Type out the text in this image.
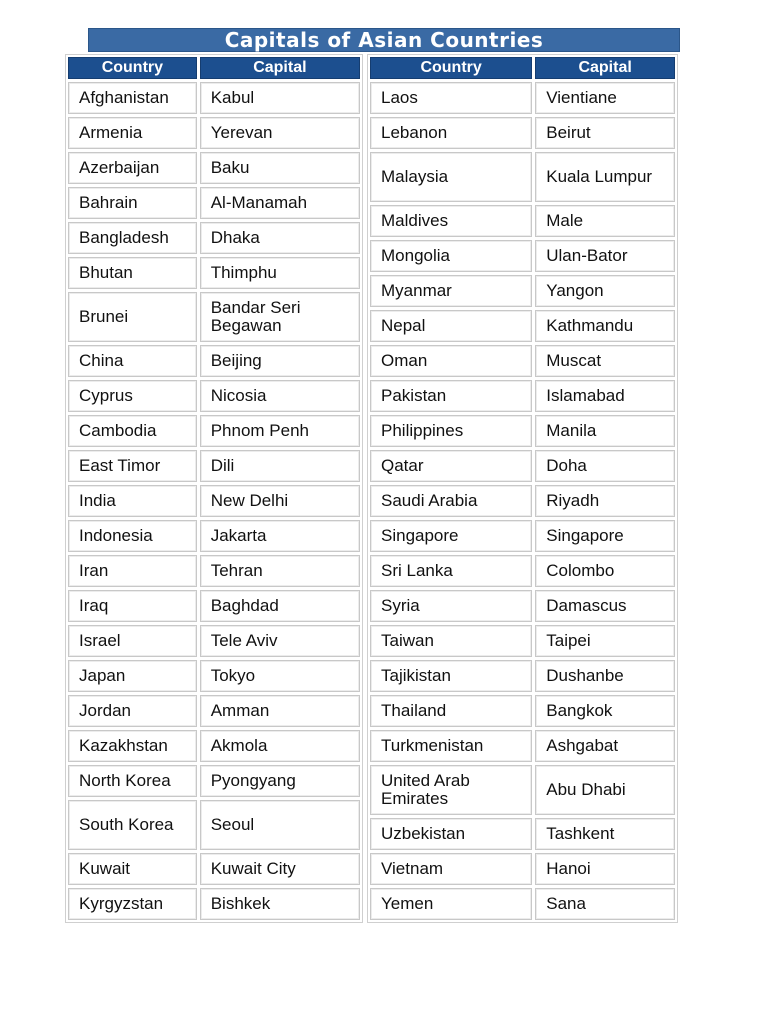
Capitals of Asian Countries
Country	Capital
Afghanistan	Kabul
Armenia	Yerevan
Azerbaijan	Baku
Bahrain	Al-Manamah
Bangladesh	Dhaka
Bhutan	Thimphu
Brunei	Bandar Seri Begawan
China	Beijing
Cyprus	Nicosia
Cambodia	Phnom Penh
East Timor	Dili
India	New Delhi
Indonesia	Jakarta
Iran	Tehran
Iraq	Baghdad
Israel	Tele Aviv
Japan	Tokyo
Jordan	Amman
Kazakhstan	Akmola
North Korea	Pyongyang
South Korea	Seoul
Kuwait	Kuwait City
Kyrgyzstan	Bishkek
Country	Capital
Laos	Vientiane
Lebanon	Beirut
Malaysia	Kuala Lumpur
Maldives	Male
Mongolia	Ulan-Bator
Myanmar	Yangon
Nepal	Kathmandu
Oman	Muscat
Pakistan	Islamabad
Philippines	Manila
Qatar	Doha
Saudi Arabia	Riyadh
Singapore	Singapore
Sri Lanka	Colombo
Syria	Damascus
Taiwan	Taipei
Tajikistan	Dushanbe
Thailand	Bangkok
Turkmenistan	Ashgabat
United Arab Emirates	Abu Dhabi
Uzbekistan	Tashkent
Vietnam	Hanoi
Yemen	Sana
